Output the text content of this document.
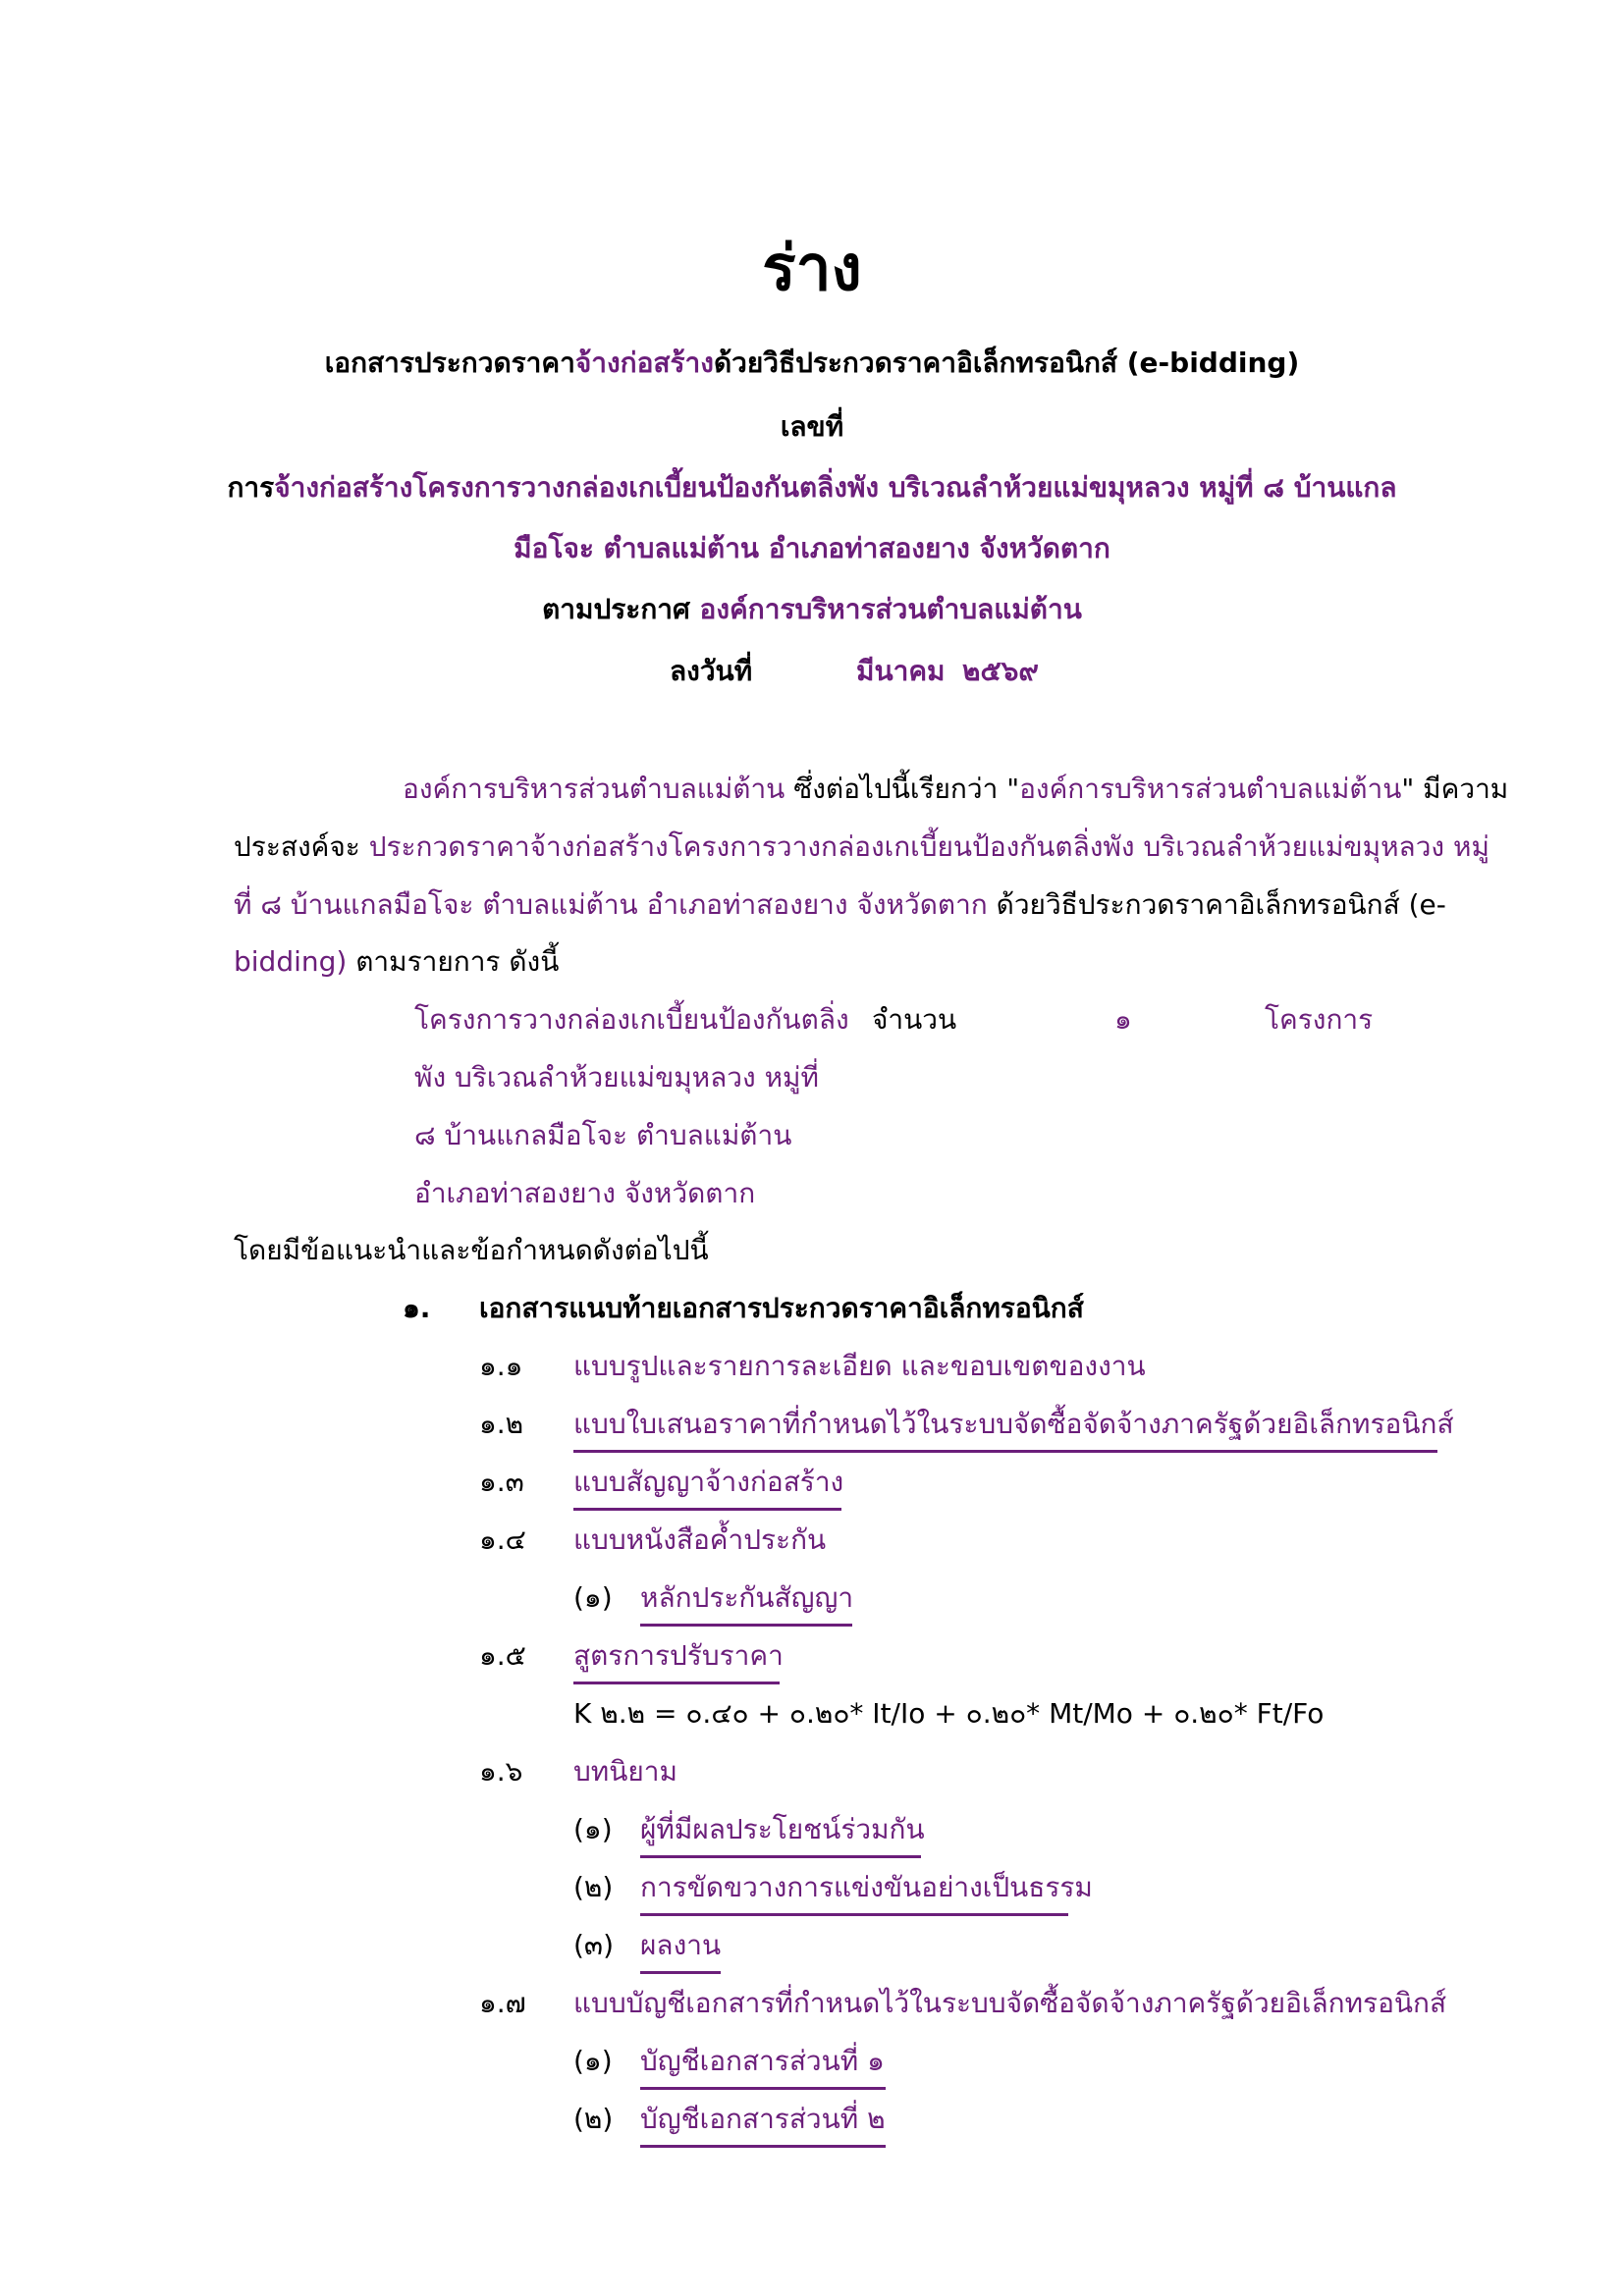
ร่าง
เอกสารประกวดราคาจ้างก่อสร้างด้วยวิธีประกวดราคาอิเล็กทรอนิกส์ (e-bidding)
เลขที่
การจ้างก่อสร้างโครงการวางกล่องเกเบี้ยนป้องกันตลิ่งพัง บริเวณลำห้วยแม่ขมุหลวง หมู่ที่ ๘ บ้านแกล
มือโจะ ตำบลแม่ต้าน อำเภอท่าสองยาง จังหวัดตาก
ตามประกาศ องค์การบริหารส่วนตำบลแม่ต้าน
ลงวันที่	มีนาคม ๒๕๖๙
องค์การบริหารส่วนตำบลแม่ต้าน ซึ่งต่อไปนี้เรียกว่า "องค์การบริหารส่วนตำบลแม่ต้าน" มีความ
ประสงค์จะ ประกวดราคาจ้างก่อสร้างโครงการวางกล่องเกเบี้ยนป้องกันตลิ่งพัง บริเวณลำห้วยแม่ขมุหลวง หมู่
ที่ ๘ บ้านแกลมือโจะ ตำบลแม่ต้าน อำเภอท่าสองยาง จังหวัดตาก ด้วยวิธีประกวดราคาอิเล็กทรอนิกส์ (e-
bidding) ตามรายการ ดังนี้
โครงการวางกล่องเกเบี้ยนป้องกันตลิ่ง
พัง บริเวณลำห้วยแม่ขมุหลวง หมู่ที่
๘ บ้านแกลมือโจะ ตำบลแม่ต้าน
อำเภอท่าสองยาง จังหวัดตาก
จำนวน	๑	โครงการ
โดยมีข้อแนะนำและข้อกำหนดดังต่อไปนี้
๑. เอกสารแนบท้ายเอกสารประกวดราคาอิเล็กทรอนิกส์
๑.๑ แบบรูปและรายการละเอียด และขอบเขตของงาน
๑.๒ แบบใบเสนอราคาที่กำหนดไว้ในระบบจัดซื้อจัดจ้างภาครัฐด้วยอิเล็กทรอนิกส์
๑.๓ แบบสัญญาจ้างก่อสร้าง
๑.๔ แบบหนังสือค้ำประกัน
(๑) หลักประกันสัญญา
๑.๕ สูตรการปรับราคา
K ๒.๒ = ๐.๔๐ + ๐.๒๐* It/Io + ๐.๒๐* Mt/Mo + ๐.๒๐* Ft/Fo
๑.๖ บทนิยาม
(๑) ผู้ที่มีผลประโยชน์ร่วมกัน
(๒) การขัดขวางการแข่งขันอย่างเป็นธรรม
(๓) ผลงาน
๑.๗ แบบบัญชีเอกสารที่กำหนดไว้ในระบบจัดซื้อจัดจ้างภาครัฐด้วยอิเล็กทรอนิกส์
(๑) บัญชีเอกสารส่วนที่ ๑
(๒) บัญชีเอกสารส่วนที่ ๒
